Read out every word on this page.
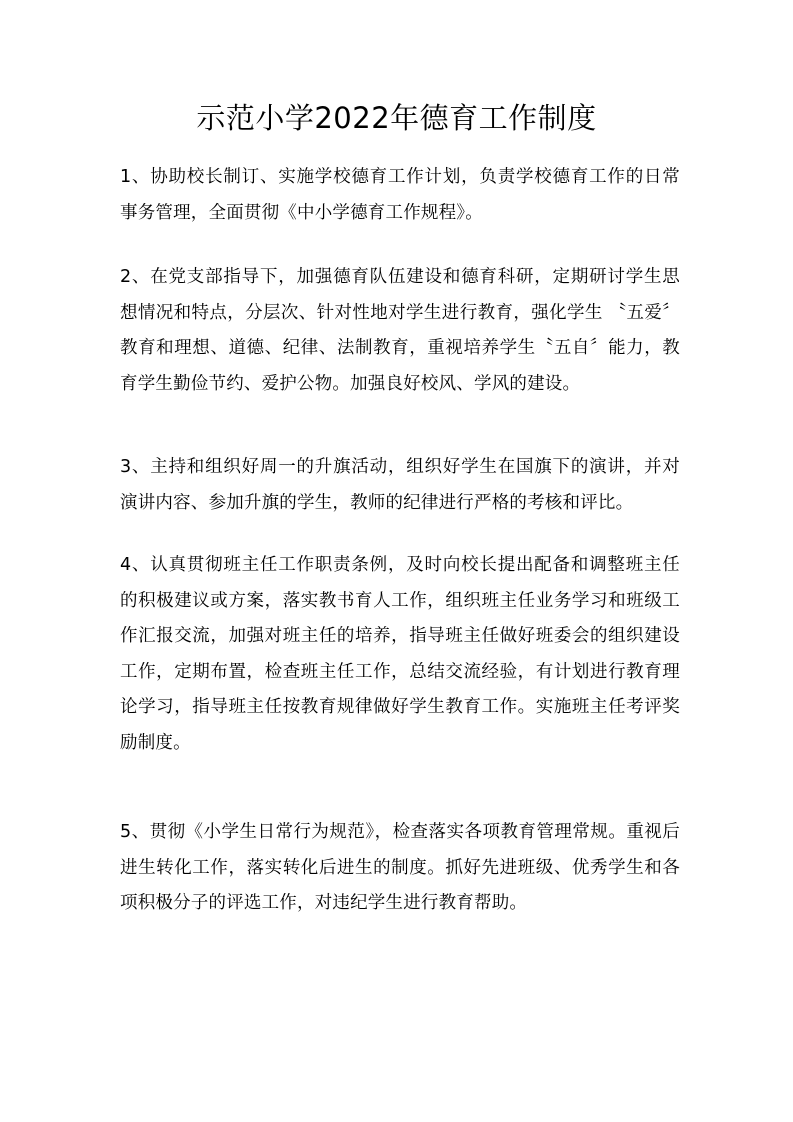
示范小学2022年德育工作制度

1、协助校长制订、实施学校德育工作计划，负责学校德育工作的日常事务管理，全面贯彻《中小学德育工作规程》。

2、在党支部指导下，加强德育队伍建设和德育科研，定期研讨学生思想情况和特点，分层次、针对性地对学生进行教育，强化学生 〝五爱〞教育和理想、道德、纪律、法制教育，重视培养学生〝五自〞能力，教育学生勤俭节约、爱护公物。加强良好校风、学风的建设。

3、主持和组织好周一的升旗活动，组织好学生在国旗下的演讲，并对演讲内容、参加升旗的学生，教师的纪律进行严格的考核和评比。

4、认真贯彻班主任工作职责条例，及时向校长提出配备和调整班主任的积极建议或方案，落实教书育人工作，组织班主任业务学习和班级工作汇报交流，加强对班主任的培养，指导班主任做好班委会的组织建设工作，定期布置，检查班主任工作，总结交流经验，有计划进行教育理论学习，指导班主任按教育规律做好学生教育工作。实施班主任考评奖励制度。

5、贯彻《小学生日常行为规范》，检查落实各项教育管理常规。重视后进生转化工作，落实转化后进生的制度。抓好先进班级、优秀学生和各项积极分子的评选工作，对违纪学生进行教育帮助。
